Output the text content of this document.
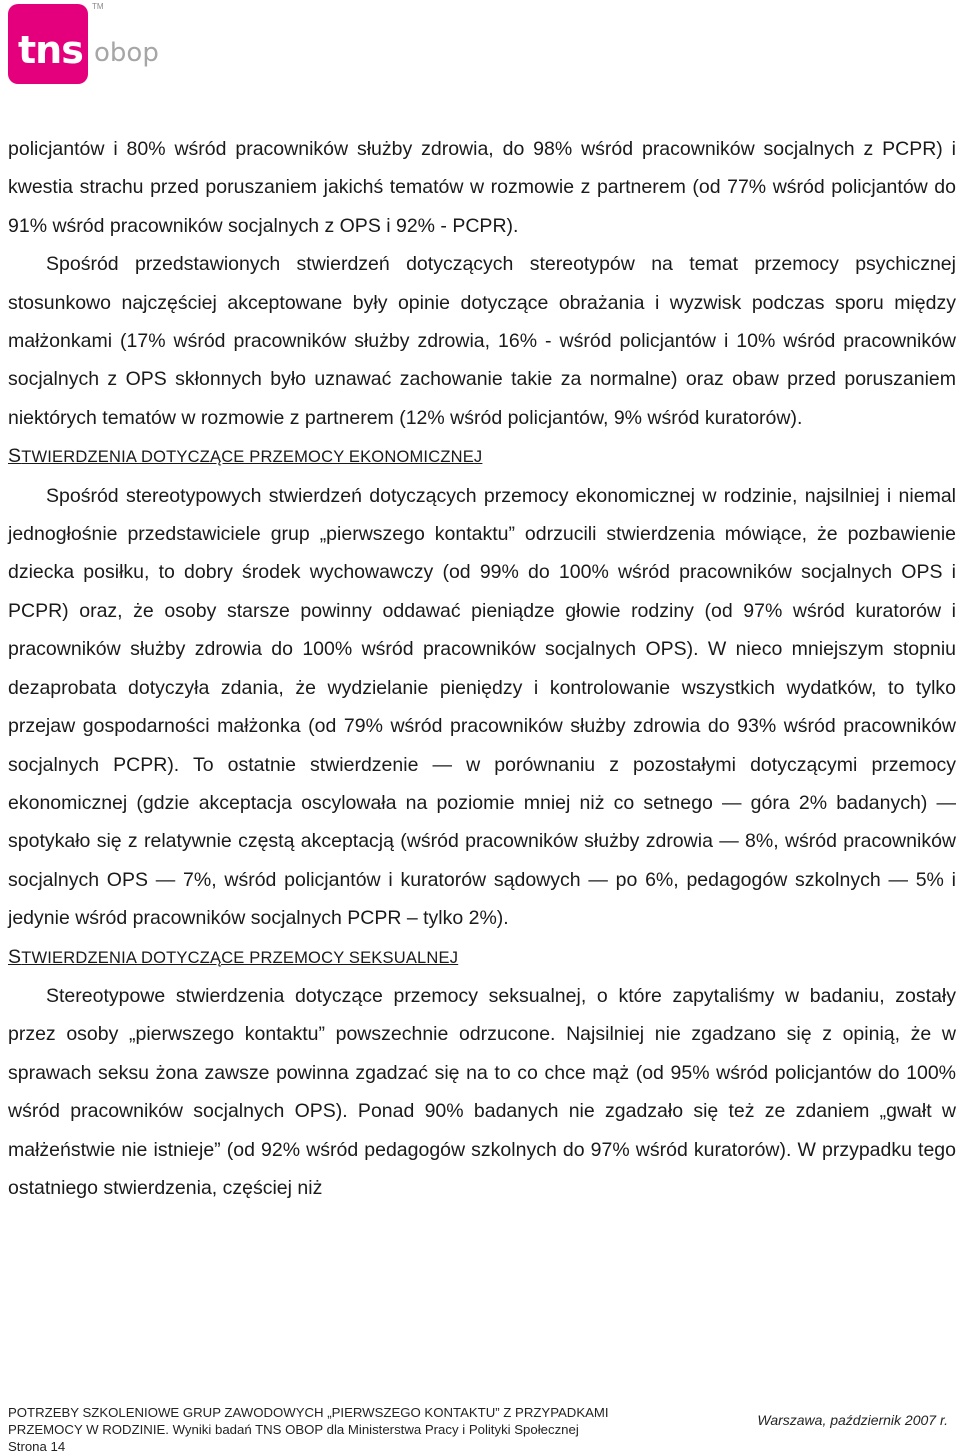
tns
TM
obop

policjantów i 80% wśród pracowników służby zdrowia, do 98% wśród pracowników socjalnych z PCPR) i kwestia strachu przed poruszaniem jakichś tematów w rozmowie z partnerem (od 77% wśród policjantów do 91% wśród pracowników socjalnych z OPS i 92% - PCPR).

Spośród przedstawionych stwierdzeń dotyczących stereotypów na temat przemocy psychicznej stosunkowo najczęściej akceptowane były opinie dotyczące obrażania i wyzwisk podczas sporu między małżonkami (17% wśród pracowników służby zdrowia, 16% - wśród policjantów i 10% wśród pracowników socjalnych z OPS skłonnych było uznawać zachowanie takie za normalne) oraz obaw przed poruszaniem niektórych tematów w rozmowie z partnerem (12% wśród policjantów, 9% wśród kuratorów).

STWIERDZENIA DOTYCZĄCE PRZEMOCY EKONOMICZNEJ

Spośród stereotypowych stwierdzeń dotyczących przemocy ekonomicznej w rodzinie, najsilniej i niemal jednogłośnie przedstawiciele grup „pierwszego kontaktu” odrzucili stwierdzenia mówiące, że pozbawienie dziecka posiłku, to dobry środek wychowawczy (od 99% do 100% wśród pracowników socjalnych OPS i PCPR) oraz, że osoby starsze powinny oddawać pieniądze głowie rodziny (od 97% wśród kuratorów i pracowników służby zdrowia do 100% wśród pracowników socjalnych OPS). W nieco mniejszym stopniu dezaprobata dotyczyła zdania, że wydzielanie pieniędzy i kontrolowanie wszystkich wydatków, to tylko przejaw gospodarności małżonka (od 79% wśród pracowników służby zdrowia do 93% wśród pracowników socjalnych PCPR). To ostatnie stwierdzenie — w porównaniu z pozostałymi dotyczącymi przemocy ekonomicznej (gdzie akceptacja oscylowała na poziomie mniej niż co setnego — góra 2% badanych) — spotykało się z relatywnie częstą akceptacją (wśród pracowników służby zdrowia — 8%, wśród pracowników socjalnych OPS — 7%, wśród policjantów i kuratorów sądowych — po 6%, pedagogów szkolnych — 5% i jedynie wśród pracowników socjalnych PCPR – tylko 2%).

STWIERDZENIA DOTYCZĄCE PRZEMOCY SEKSUALNEJ

Stereotypowe stwierdzenia dotyczące przemocy seksualnej, o które zapytaliśmy w badaniu, zostały przez osoby „pierwszego kontaktu” powszechnie odrzucone. Najsilniej nie zgadzano się z opinią, że w sprawach seksu żona zawsze powinna zgadzać się na to co chce mąż (od 95% wśród policjantów do 100% wśród pracowników socjalnych OPS). Ponad 90% badanych nie zgadzało się też ze zdaniem „gwałt w małżeństwie nie istnieje” (od 92% wśród pedagogów szkolnych do 97% wśród kuratorów). W przypadku tego ostatniego stwierdzenia, częściej niż

POTRZEBY SZKOLENIOWE GRUP ZAWODOWYCH „PIERWSZEGO KONTAKTU” Z PRZYPADKAMI
PRZEMOCY W RODZINIE. Wyniki badań TNS OBOP dla Ministerstwa Pracy i Polityki Społecznej
Strona 14
Warszawa, październik 2007 r.
